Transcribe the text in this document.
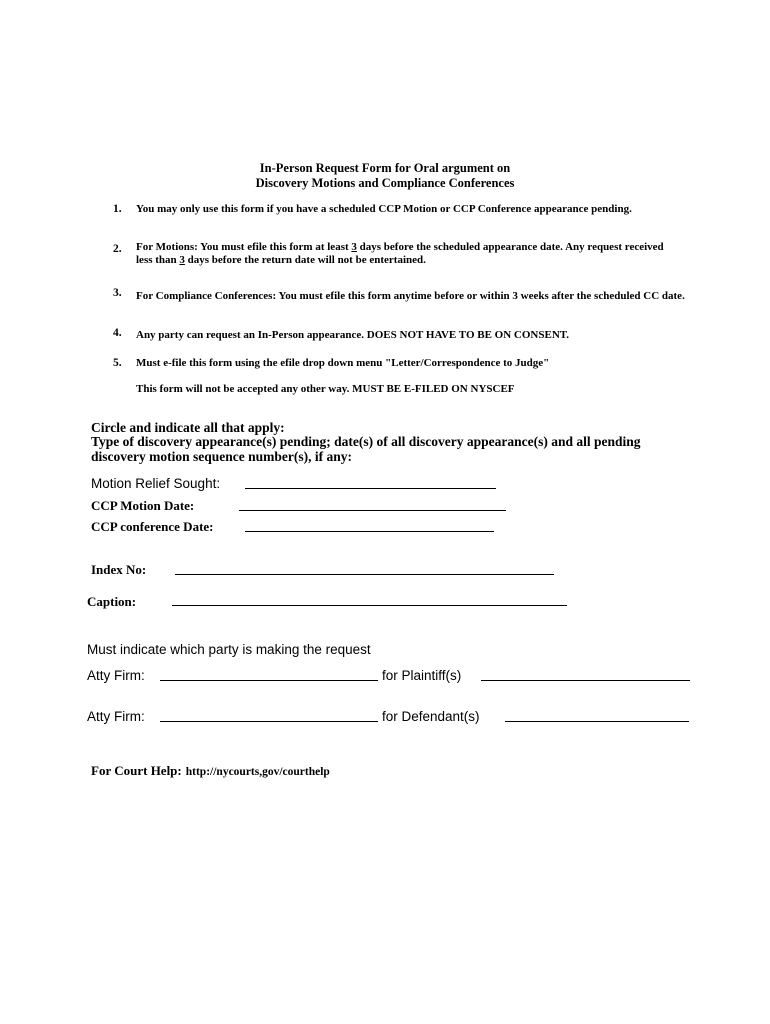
In-Person Request Form for Oral argument on
Discovery Motions and Compliance Conferences
1. You may only use this form if you have a scheduled CCP Motion or CCP Conference appearance pending.
2. For Motions: You must efile this form at least 3 days before the scheduled appearance date. Any request received less than 3 days before the return date will not be entertained.
3. For Compliance Conferences: You must efile this form anytime before or within 3 weeks after the scheduled CC date.
4. Any party can request an In-Person appearance. DOES NOT HAVE TO BE ON CONSENT.
5. Must e-file this form using the efile drop down menu "Letter/Correspondence to Judge"
This form will not be accepted any other way. MUST BE E-FILED ON NYSCEF
Circle and indicate all that apply:
Type of discovery appearance(s) pending; date(s) of all discovery appearance(s) and all pending discovery motion sequence number(s), if any:
Motion Relief Sought:
CCP Motion Date:
CCP conference Date:
Index No:
Caption:
Must indicate which party is making the request
Atty Firm:	for Plaintiff(s)
Atty Firm:	for Defendant(s)
For Court Help: http://nycourts,gov/courthelp
